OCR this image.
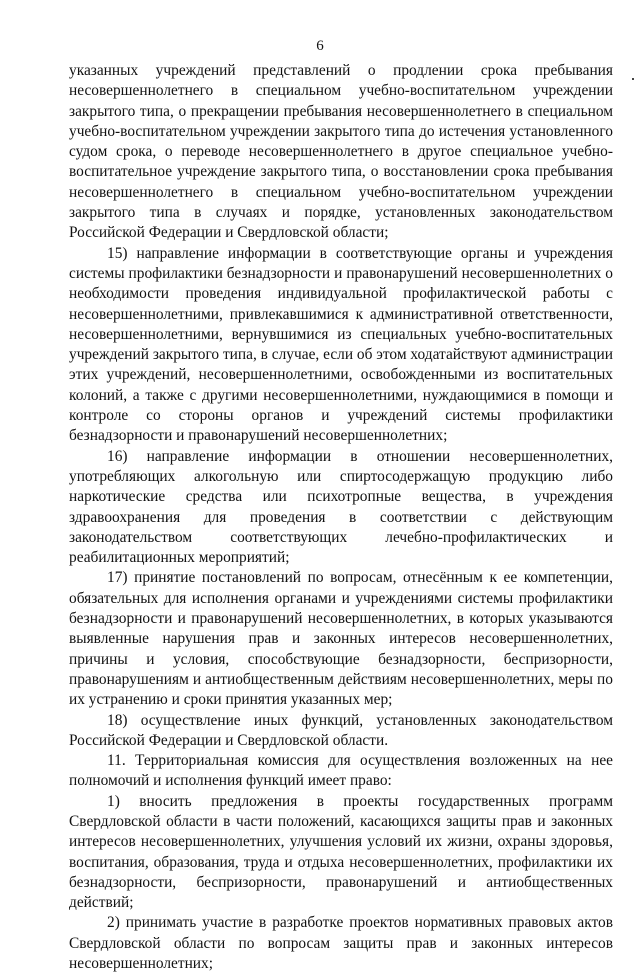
6

указанных учреждений представлений о продлении срока пребывания несовершеннолетнего в специальном учебно-воспитательном учреждении закрытого типа, о прекращении пребывания несовершеннолетнего в специальном учебно-воспитательном учреждении закрытого типа до истечения установленного судом срока, о переводе несовершеннолетнего в другое специальное учебно-воспитательное учреждение закрытого типа, о восстановлении срока пребывания несовершеннолетнего в специальном учебно-воспитательном учреждении закрытого типа в случаях и порядке, установленных законодательством Российской Федерации и Свердловской области;

15) направление информации в соответствующие органы и учреждения системы профилактики безнадзорности и правонарушений несовершеннолетних о необходимости проведения индивидуальной профилактической работы с несовершеннолетними, привлекавшимися к административной ответственности, несовершеннолетними, вернувшимися из специальных учебно-воспитательных учреждений закрытого типа, в случае, если об этом ходатайствуют администрации этих учреждений, несовершеннолетними, освобожденными из воспитательных колоний, а также с другими несовершеннолетними, нуждающимися в помощи и контроле со стороны органов и учреждений системы профилактики безнадзорности и правонарушений несовершеннолетних;

16) направление информации в отношении несовершеннолетних, употребляющих алкогольную или спиртосодержащую продукцию либо наркотические средства или психотропные вещества, в учреждения здравоохранения для проведения в соответствии с действующим законодательством соответствующих лечебно-профилактических и реабилитационных мероприятий;

17) принятие постановлений по вопросам, отнесённым к ее компетенции, обязательных для исполнения органами и учреждениями системы профилактики безнадзорности и правонарушений несовершеннолетних, в которых указываются выявленные нарушения прав и законных интересов несовершеннолетних, причины и условия, способствующие безнадзорности, беспризорности, правонарушениям и антиобщественным действиям несовершеннолетних, меры по их устранению и сроки принятия указанных мер;

18) осуществление иных функций, установленных законодательством Российской Федерации и Свердловской области.

11. Территориальная комиссия для осуществления возложенных на нее полномочий и исполнения функций имеет право:

1) вносить предложения в проекты государственных программ Свердловской области в части положений, касающихся защиты прав и законных интересов несовершеннолетних, улучшения условий их жизни, охраны здоровья, воспитания, образования, труда и отдыха несовершеннолетних, профилактики их безнадзорности, беспризорности, правонарушений и антиобщественных действий;

2) принимать участие в разработке проектов нормативных правовых актов Свердловской области по вопросам защиты прав и законных интересов несовершеннолетних;
